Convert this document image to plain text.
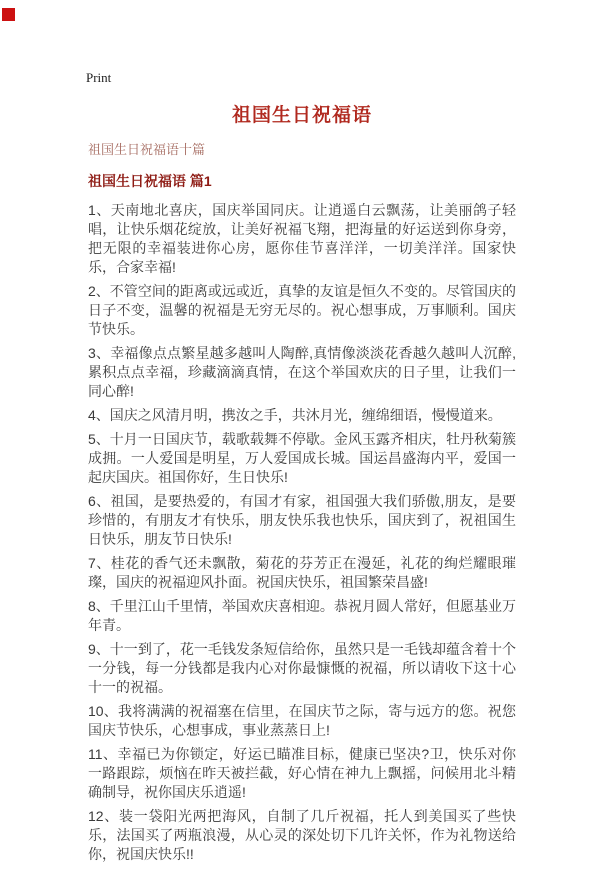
Print
祖国生日祝福语
祖国生日祝福语十篇
祖国生日祝福语 篇1

1、天南地北喜庆，国庆举国同庆。让逍遥白云飘荡，让美丽鸽子轻唱，让快乐烟花绽放，让美好祝福飞翔，把海量的好运送到你身旁，把无限的幸福装进你心房，愿你佳节喜洋洋，一切美洋洋。国家快乐，合家幸福!

2、不管空间的距离或远或近，真挚的友谊是恒久不变的。尽管国庆的日子不变，温馨的祝福是无穷无尽的。祝心想事成，万事顺利。国庆节快乐。

3、幸福像点点繁星越多越叫人陶醉,真情像淡淡花香越久越叫人沉醉,累积点点幸福，珍藏滴滴真情，在这个举国欢庆的日子里，让我们一同心醉!

4、国庆之风清月明，携汝之手，共沐月光，缠绵细语，慢慢道来。

5、十月一日国庆节，载歌载舞不停歇。金风玉露齐相庆，牡丹秋菊簇成拥。一人爱国是明星，万人爱国成长城。国运昌盛海内平，爱国一起庆国庆。祖国你好，生日快乐!

6、祖国，是要热爱的，有国才有家，祖国强大我们骄傲,朋友，是要珍惜的，有朋友才有快乐，朋友快乐我也快乐，国庆到了，祝祖国生日快乐，朋友节日快乐!

7、桂花的香气还未飘散，菊花的芬芳正在漫延，礼花的绚烂耀眼璀璨，国庆的祝福迎风扑面。祝国庆快乐，祖国繁荣昌盛!

8、千里江山千里情，举国欢庆喜相迎。恭祝月圆人常好，但愿基业万年青。

9、十一到了，花一毛钱发条短信给你，虽然只是一毛钱却蕴含着十个一分钱，每一分钱都是我内心对你最慷慨的祝福，所以请收下这十心十一的祝福。

10、我将满满的祝福塞在信里，在国庆节之际，寄与远方的您。祝您国庆节快乐，心想事成，事业蒸蒸日上!

11、幸福已为你锁定，好运已瞄准目标，健康已坚决?卫，快乐对你一路跟踪，烦恼在昨天被拦截，好心情在神九上飘摇，问候用北斗精确制导，祝你国庆乐逍遥!

12、装一袋阳光两把海风，自制了几斤祝福，托人到美国买了些快乐，法国买了两瓶浪漫，从心灵的深处切下几许关怀，作为礼物送给你，祝国庆快乐!!
